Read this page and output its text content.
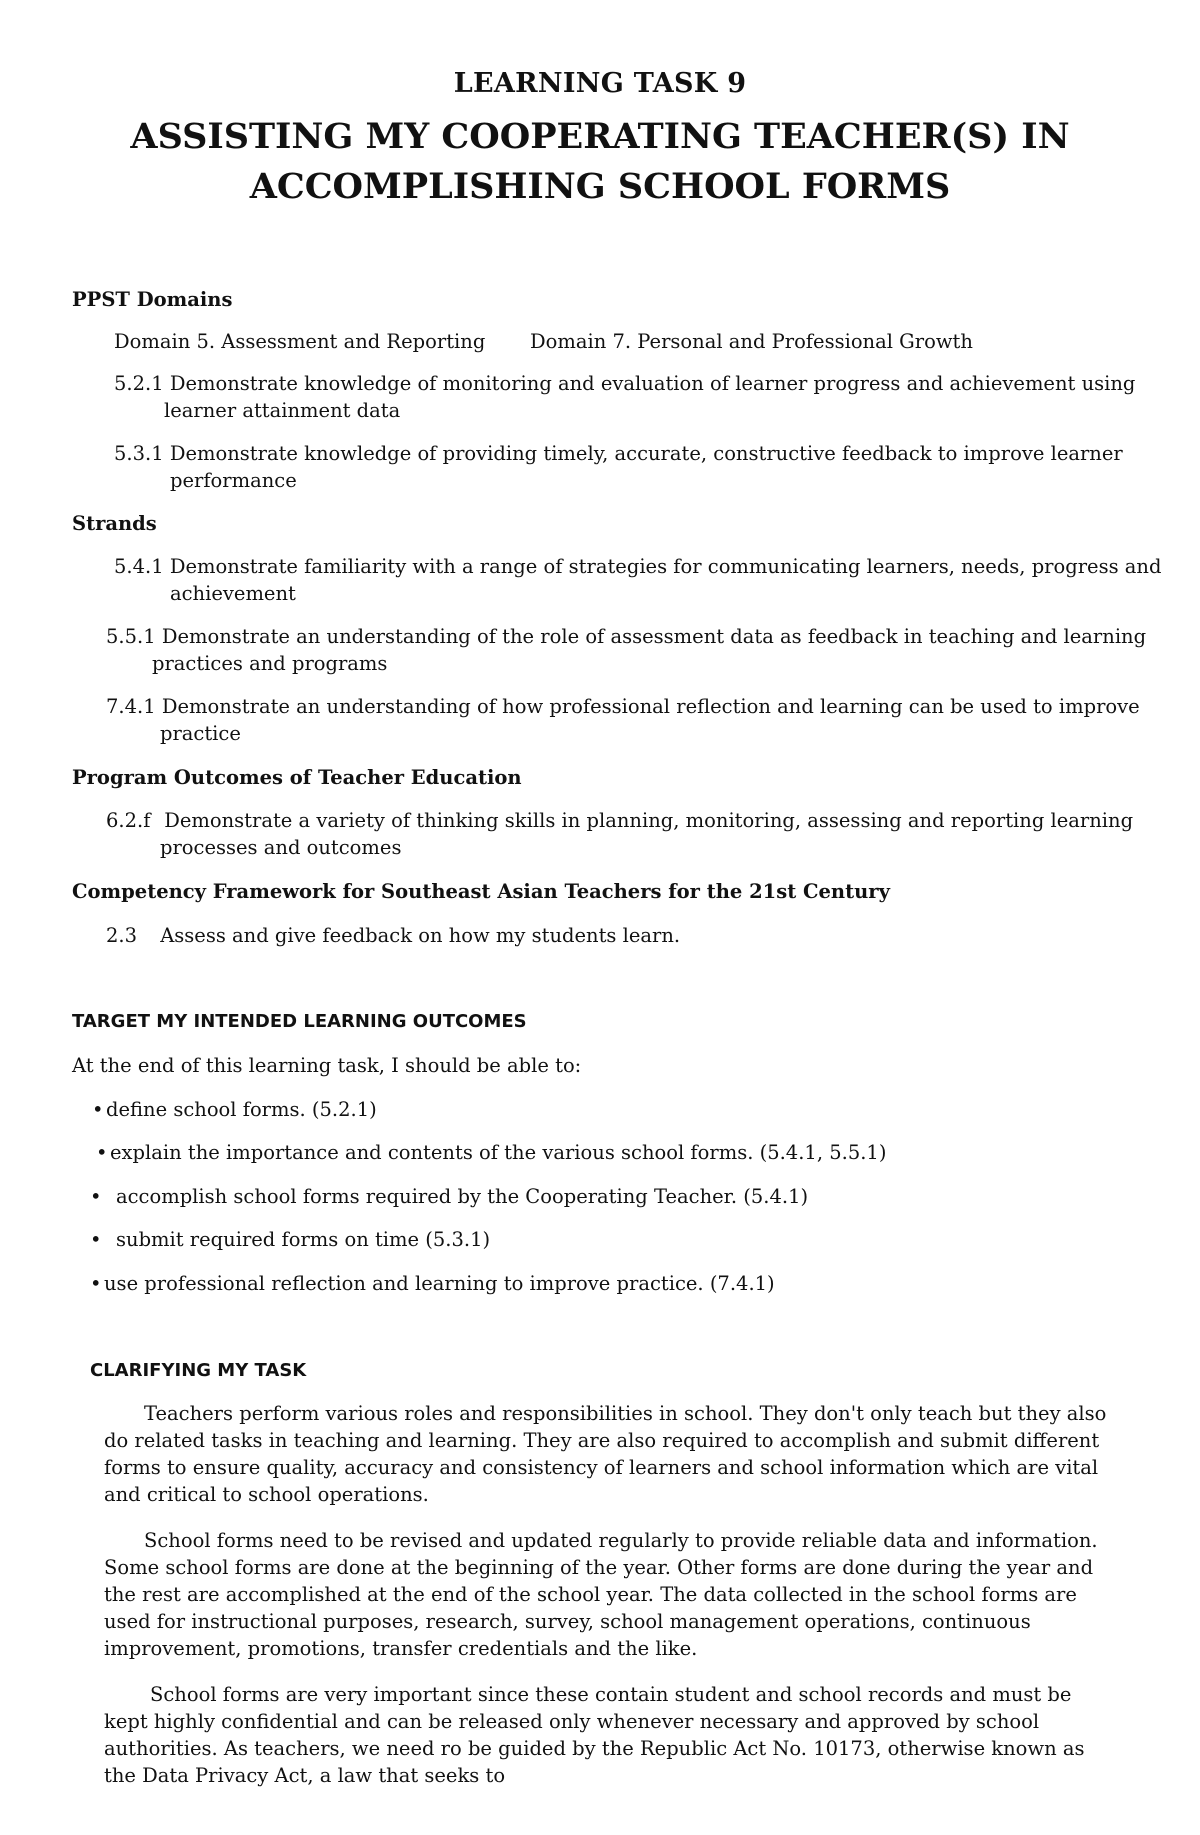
LEARNING TASK 9
ASSISTING MY COOPERATING TEACHER(S) IN
ACCOMPLISHING SCHOOL FORMS
PPST Domains
Domain 5. Assessment and Reporting Domain 7. Personal and Professional Growth
5.2.1 Demonstrate knowledge of monitoring and evaluation of learner progress and achievement using
learner attainment data
5.3.1 Demonstrate knowledge of providing timely, accurate, constructive feedback to improve learner
performance
Strands
5.4.1 Demonstrate familiarity with a range of strategies for communicating learners, needs, progress and
achievement
5.5.1 Demonstrate an understanding of the role of assessment data as feedback in teaching and learning
practices and programs
7.4.1 Demonstrate an understanding of how professional reflection and learning can be used to improve
practice
Program Outcomes of Teacher Education
6.2.f Demonstrate a variety of thinking skills in planning, monitoring, assessing and reporting learning
processes and outcomes
Competency Framework for Southeast Asian Teachers for the 21st Century
2.3 Assess and give feedback on how my students learn.
TARGET MY INTENDED LEARNING OUTCOMES
At the end of this learning task, I should be able to:
• define school forms. (5.2.1)
• explain the importance and contents of the various school forms. (5.4.1, 5.5.1)
• accomplish school forms required by the Cooperating Teacher. (5.4.1)
• submit required forms on time (5.3.1)
• use professional reflection and learning to improve practice. (7.4.1)
CLARIFYING MY TASK
Teachers perform various roles and responsibilities in school. They don't only teach but they also do related tasks in teaching and learning. They are also required to accomplish and submit different forms to ensure quality, accuracy and consistency of learners and school information which are vital and critical to school operations.
School forms need to be revised and updated regularly to provide reliable data and information. Some school forms are done at the beginning of the year. Other forms are done during the year and the rest are accomplished at the end of the school year. The data collected in the school forms are used for instructional purposes, research, survey, school management operations, continuous improvement, promotions, transfer credentials and the like.
School forms are very important since these contain student and school records and must be kept highly confidential and can be released only whenever necessary and approved by school authorities. As teachers, we need ro be guided by the Republic Act No. 10173, otherwise known as the Data Privacy Act, a law that seeks to
